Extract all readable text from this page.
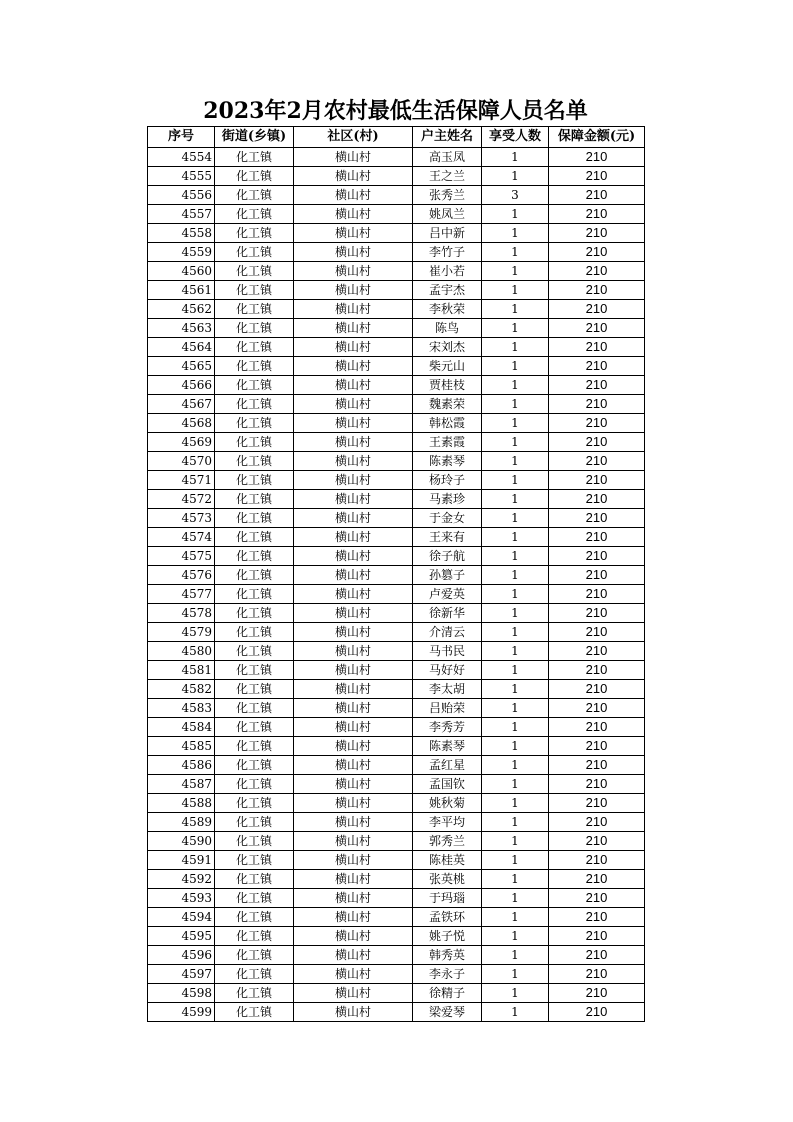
2023年2月农村最低生活保障人员名单
序号	街道(乡镇)	社区(村)	户主姓名	享受人数	保障金额(元)
4554	化工镇	横山村	高玉凤	1	210
4555	化工镇	横山村	王之兰	1	210
4556	化工镇	横山村	张秀兰	3	210
4557	化工镇	横山村	姚凤兰	1	210
4558	化工镇	横山村	吕中新	1	210
4559	化工镇	横山村	李竹子	1	210
4560	化工镇	横山村	崔小若	1	210
4561	化工镇	横山村	孟宇杰	1	210
4562	化工镇	横山村	李秋荣	1	210
4563	化工镇	横山村	陈鸟	1	210
4564	化工镇	横山村	宋刘杰	1	210
4565	化工镇	横山村	柴元山	1	210
4566	化工镇	横山村	贾桂枝	1	210
4567	化工镇	横山村	魏素荣	1	210
4568	化工镇	横山村	韩松霞	1	210
4569	化工镇	横山村	王素霞	1	210
4570	化工镇	横山村	陈素琴	1	210
4571	化工镇	横山村	杨玲子	1	210
4572	化工镇	横山村	马素珍	1	210
4573	化工镇	横山村	于金女	1	210
4574	化工镇	横山村	王来有	1	210
4575	化工镇	横山村	徐子航	1	210
4576	化工镇	横山村	孙篡子	1	210
4577	化工镇	横山村	卢爱英	1	210
4578	化工镇	横山村	徐新华	1	210
4579	化工镇	横山村	介清云	1	210
4580	化工镇	横山村	马书民	1	210
4581	化工镇	横山村	马好好	1	210
4582	化工镇	横山村	李太胡	1	210
4583	化工镇	横山村	吕贻荣	1	210
4584	化工镇	横山村	李秀芳	1	210
4585	化工镇	横山村	陈素琴	1	210
4586	化工镇	横山村	孟红星	1	210
4587	化工镇	横山村	孟国钦	1	210
4588	化工镇	横山村	姚秋菊	1	210
4589	化工镇	横山村	李平均	1	210
4590	化工镇	横山村	郭秀兰	1	210
4591	化工镇	横山村	陈桂英	1	210
4592	化工镇	横山村	张英桃	1	210
4593	化工镇	横山村	于玛瑙	1	210
4594	化工镇	横山村	孟铁环	1	210
4595	化工镇	横山村	姚子悦	1	210
4596	化工镇	横山村	韩秀英	1	210
4597	化工镇	横山村	李永子	1	210
4598	化工镇	横山村	徐精子	1	210
4599	化工镇	横山村	梁爱琴	1	210
